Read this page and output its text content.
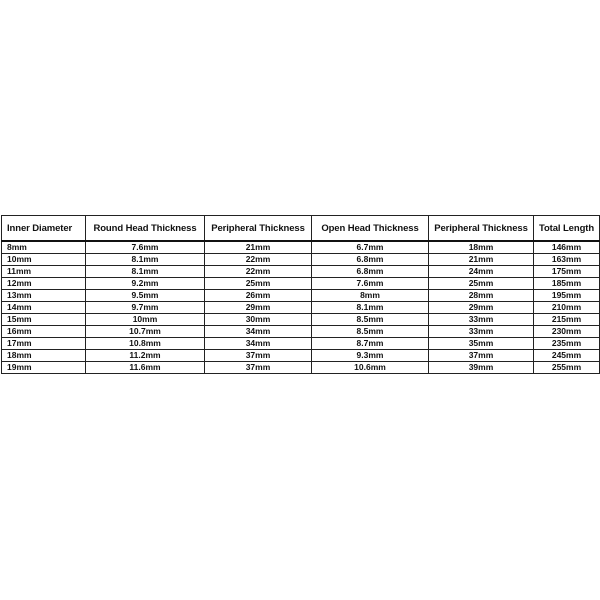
Inner Diameter	Round Head Thickness	Peripheral Thickness	Open Head Thickness	Peripheral Thickness	Total Length
8mm	7.6mm	21mm	6.7mm	18mm	146mm
10mm	8.1mm	22mm	6.8mm	21mm	163mm
11mm	8.1mm	22mm	6.8mm	24mm	175mm
12mm	9.2mm	25mm	7.6mm	25mm	185mm
13mm	9.5mm	26mm	8mm	28mm	195mm
14mm	9.7mm	29mm	8.1mm	29mm	210mm
15mm	10mm	30mm	8.5mm	33mm	215mm
16mm	10.7mm	34mm	8.5mm	33mm	230mm
17mm	10.8mm	34mm	8.7mm	35mm	235mm
18mm	11.2mm	37mm	9.3mm	37mm	245mm
19mm	11.6mm	37mm	10.6mm	39mm	255mm
